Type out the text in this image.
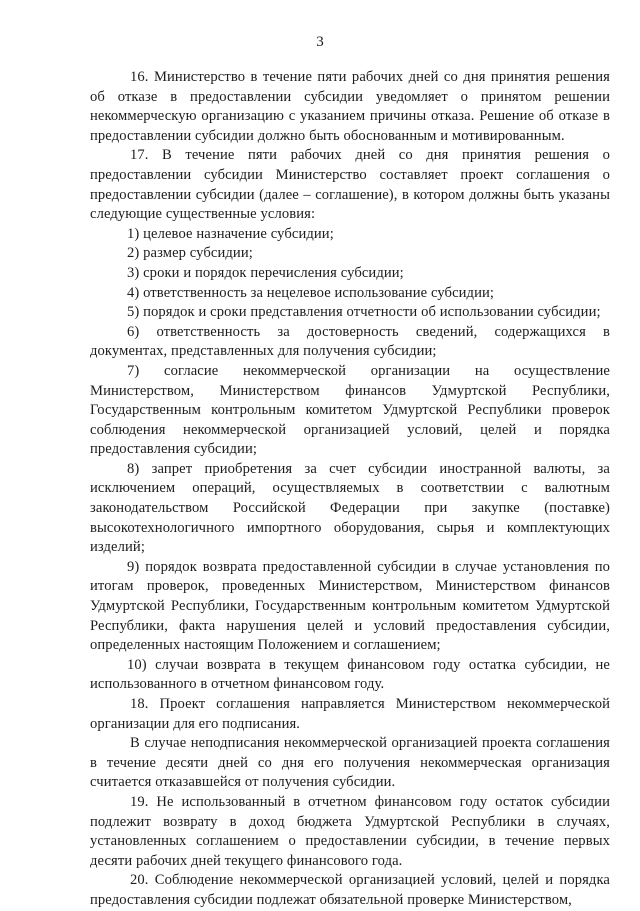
3

16. Министерство в течение пяти рабочих дней со дня принятия решения об отказе в предоставлении субсидии уведомляет о принятом решении некоммерческую организацию с указанием причины отказа. Решение об отказе в предоставлении субсидии должно быть обоснованным и мотивированным.

17. В течение пяти рабочих дней со дня принятия решения о предоставлении субсидии Министерство составляет проект соглашения о предоставлении субсидии (далее – соглашение), в котором должны быть указаны следующие существенные условия:

1) целевое назначение субсидии;

2) размер субсидии;

3) сроки и порядок перечисления субсидии;

4) ответственность за нецелевое использование субсидии;

5) порядок и сроки представления отчетности об использовании субсидии;

6) ответственность за достоверность сведений, содержащихся в документах, представленных для получения субсидии;

7) согласие некоммерческой организации на осуществление Министерством, Министерством финансов Удмуртской Республики, Государственным контрольным комитетом Удмуртской Республики проверок соблюдения некоммерческой организацией условий, целей и порядка предоставления субсидии;

8) запрет приобретения за счет субсидии иностранной валюты, за исключением операций, осуществляемых в соответствии с валютным законодательством Российской Федерации при закупке (поставке) высокотехнологичного импортного оборудования, сырья и комплектующих изделий;

9) порядок возврата предоставленной субсидии в случае установления по итогам проверок, проведенных Министерством, Министерством финансов Удмуртской Республики, Государственным контрольным комитетом Удмуртской Республики, факта нарушения целей и условий предоставления субсидии, определенных настоящим Положением и соглашением;

10) случаи возврата в текущем финансовом году остатка субсидии, не использованного в отчетном финансовом году.

18. Проект соглашения направляется Министерством некоммерческой организации для его подписания.

В случае неподписания некоммерческой организацией проекта соглашения в течение десяти дней со дня его получения некоммерческая организация считается отказавшейся от получения субсидии.

19. Не использованный в отчетном финансовом году остаток субсидии подлежит возврату в доход бюджета Удмуртской Республики в случаях, установленных соглашением о предоставлении субсидии, в течение первых десяти рабочих дней текущего финансового года.

20. Соблюдение некоммерческой организацией условий, целей и порядка предоставления субсидии подлежат обязательной проверке Министерством,
